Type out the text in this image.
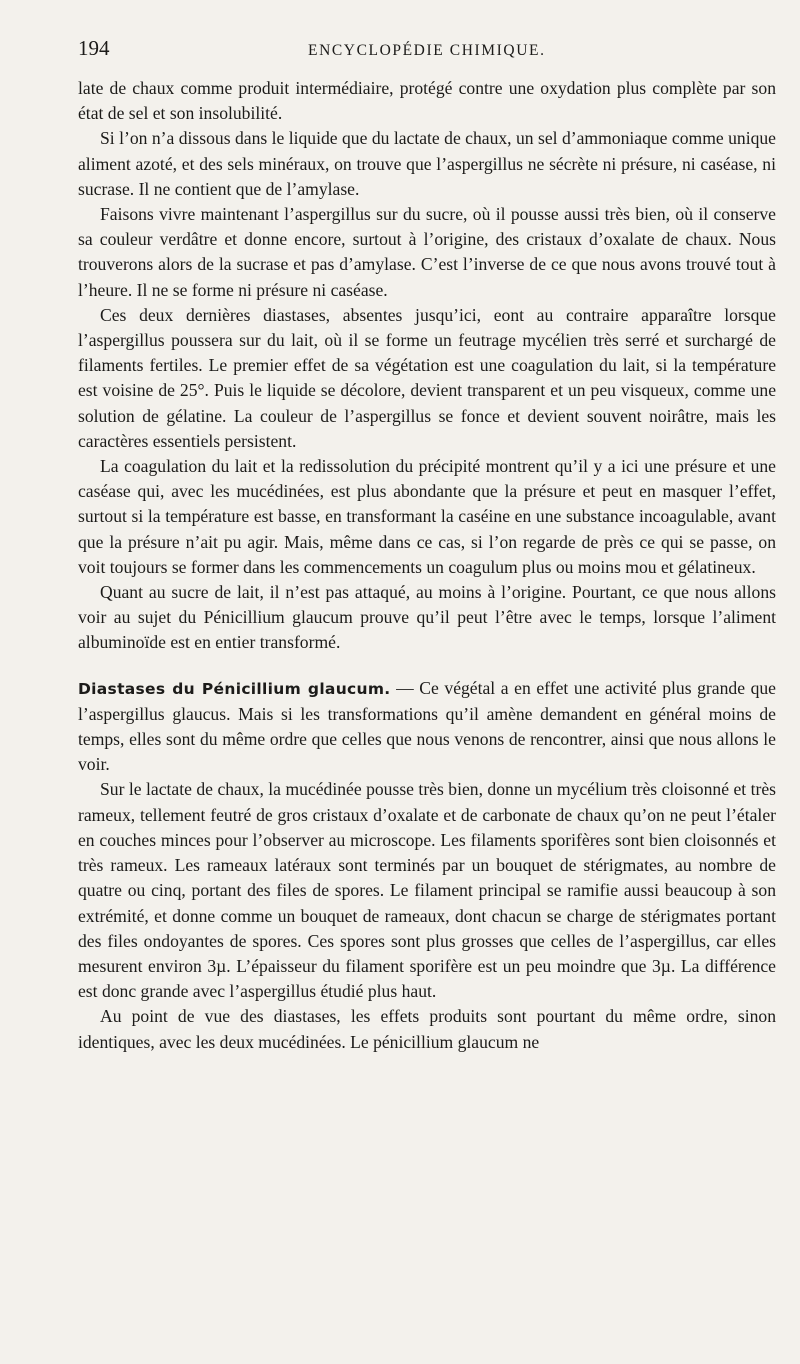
194	ENCYCLOPÉDIE CHIMIQUE.

late de chaux comme produit intermédiaire, protégé contre une oxydation plus complète par son état de sel et son insolubilité.

Si l’on n’a dissous dans le liquide que du lactate de chaux, un sel d’ammoniaque comme unique aliment azoté, et des sels minéraux, on trouve que l’aspergillus ne sécrète ni présure, ni caséase, ni sucrase. Il ne contient que de l’amylase.

Faisons vivre maintenant l’aspergillus sur du sucre, où il pousse aussi très bien, où il conserve sa couleur verdâtre et donne encore, surtout à l’origine, des cristaux d’oxalate de chaux. Nous trouverons alors de la sucrase et pas d’amylase. C’est l’inverse de ce que nous avons trouvé tout à l’heure. Il ne se forme ni présure ni caséase.

Ces deux dernières diastases, absentes jusqu’ici, eont au contraire apparaître lorsque l’aspergillus poussera sur du lait, où il se forme un feutrage mycélien très serré et surchargé de filaments fertiles. Le premier effet de sa végétation est une coagulation du lait, si la température est voisine de 25°. Puis le liquide se décolore, devient transparent et un peu visqueux, comme une solution de gélatine. La couleur de l’aspergillus se fonce et devient souvent noirâtre, mais les caractères essentiels persistent.

La coagulation du lait et la redissolution du précipité montrent qu’il y a ici une présure et une caséase qui, avec les mucédinées, est plus abondante que la présure et peut en masquer l’effet, surtout si la température est basse, en transformant la caséine en une substance incoagulable, avant que la présure n’ait pu agir. Mais, même dans ce cas, si l’on regarde de près ce qui se passe, on voit toujours se former dans les commencements un coagulum plus ou moins mou et gélatineux.

Quant au sucre de lait, il n’est pas attaqué, au moins à l’origine. Pourtant, ce que nous allons voir au sujet du Pénicillium glaucum prouve qu’il peut l’être avec le temps, lorsque l’aliment albuminoïde est en entier transformé.

Diastases du Pénicillium glaucum. — Ce végétal a en effet une activité plus grande que l’aspergillus glaucus. Mais si les transformations qu’il amène demandent en général moins de temps, elles sont du même ordre que celles que nous venons de rencontrer, ainsi que nous allons le voir.

Sur le lactate de chaux, la mucédinée pousse très bien, donne un mycélium très cloisonné et très rameux, tellement feutré de gros cristaux d’oxalate et de carbonate de chaux qu’on ne peut l’étaler en couches minces pour l’observer au microscope. Les filaments sporifères sont bien cloisonnés et très rameux. Les rameaux latéraux sont terminés par un bouquet de stérigmates, au nombre de quatre ou cinq, portant des files de spores. Le filament principal se ramifie aussi beaucoup à son extrémité, et donne comme un bouquet de rameaux, dont chacun se charge de stérigmates portant des files ondoyantes de spores. Ces spores sont plus grosses que celles de l’aspergillus, car elles mesurent environ 3µ. L’épaisseur du filament sporifère est un peu moindre que 3µ. La différence est donc grande avec l’aspergillus étudié plus haut.

Au point de vue des diastases, les effets produits sont pourtant du même ordre, sinon identiques, avec les deux mucédinées. Le pénicillium glaucum ne
